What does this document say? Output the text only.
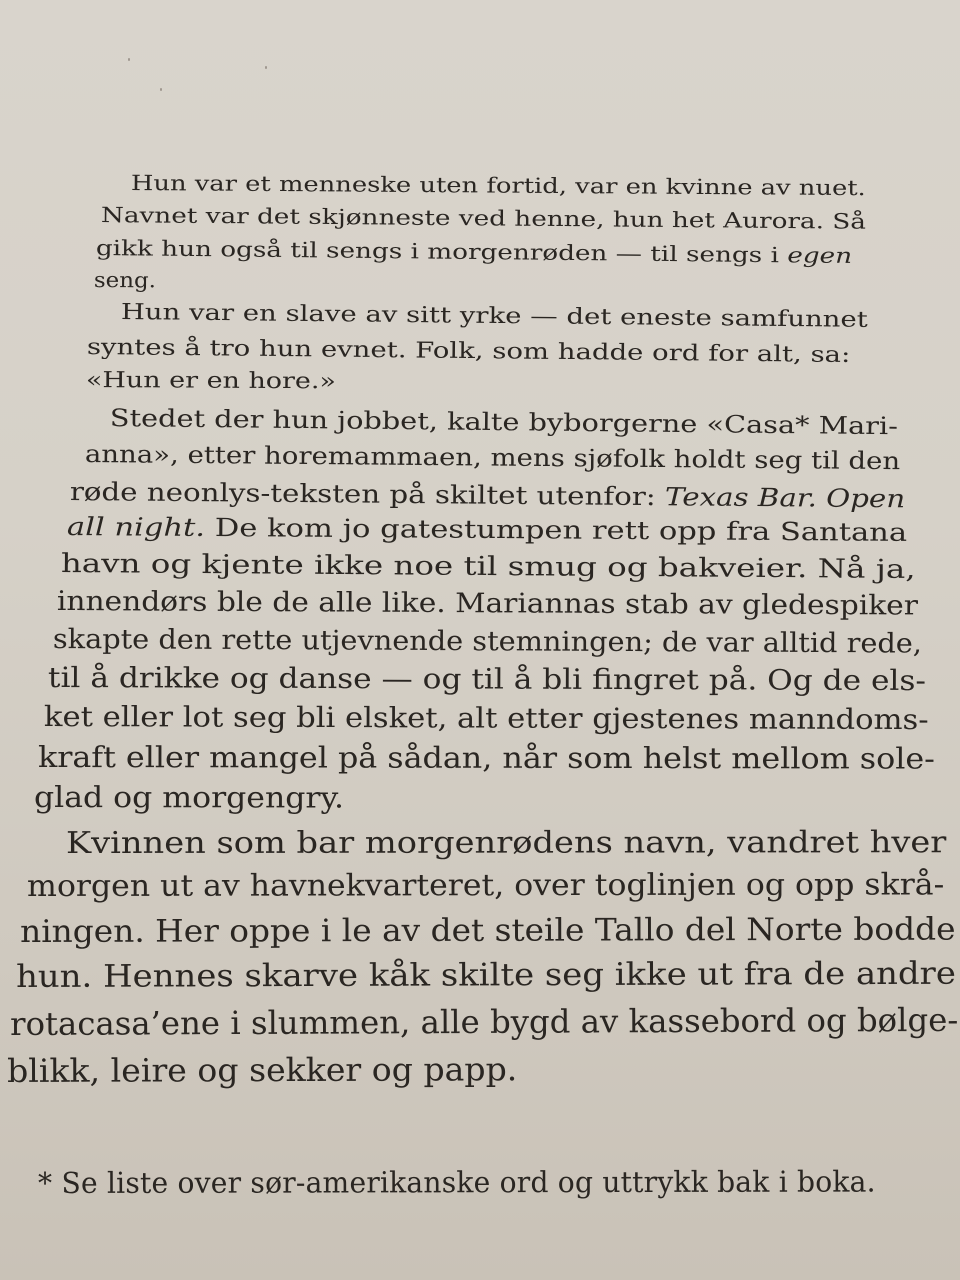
Hun var et menneske uten fortid, var en kvinne av nuet.

Navnet var det skjønneste ved henne, hun het Aurora. Så

gikk hun også til sengs i morgenrøden — til sengs i egen

seng.

Hun var en slave av sitt yrke — det eneste samfunnet

syntes å tro hun evnet. Folk, som hadde ord for alt, sa:

«Hun er en hore.»

Stedet der hun jobbet, kalte byborgerne «Casa* Mari-

anna», etter horemammaen, mens sjøfolk holdt seg til den

røde neonlys-teksten på skiltet utenfor: Texas Bar. Open

all night. De kom jo gatestumpen rett opp fra Santana

havn og kjente ikke noe til smug og bakveier. Nå ja,

innendørs ble de alle like. Mariannas stab av gledespiker

skapte den rette utjevnende stemningen; de var alltid rede,

til å drikke og danse — og til å bli fingret på. Og de els-

ket eller lot seg bli elsket, alt etter gjestenes manndoms-

kraft eller mangel på sådan, når som helst mellom sole-

glad og morgengry.

Kvinnen som bar morgenrødens navn, vandret hver

morgen ut av havnekvarteret, over toglinjen og opp skrå-

ningen. Her oppe i le av det steile Tallo del Norte bodde

hun. Hennes skarve kåk skilte seg ikke ut fra de andre

rotacasa’ene i slummen, alle bygd av kassebord og bølge-

blikk, leire og sekker og papp.

* Se liste over sør-amerikanske ord og uttrykk bak i boka.
